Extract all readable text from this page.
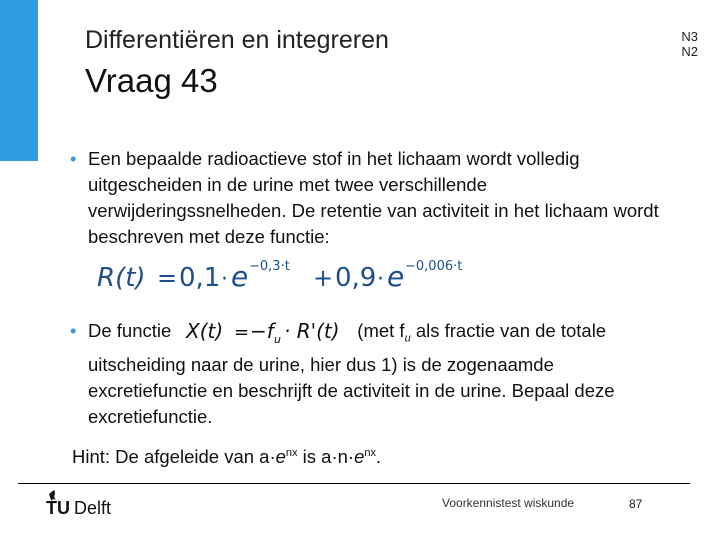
Differentiëren en integreren
Vraag 43
N3
N2
• Een bepaalde radioactieve stof in het lichaam wordt volledig uitgescheiden in de urine met twee verschillende verwijderingssnelheden. De retentie van activiteit in het lichaam wordt beschreven met deze functie:
R(t) = 0,1 · e −0,3·t + 0,9 · e −0,006·t
• De functie	(met $f_u$ als fractie van de totale uitscheiding naar de urine, hier dus 1) is de zogenaamde excretiefunctie en beschrijft de activiteit in de urine. Bepaal deze excretiefunctie.
X(t) = −f u · R'(t)
Hint: De afgeleide van $a\cdot e^{nx}$ is $a\cdot n\cdot e^{nx}$.
TU Delft	Voorkennistest wiskunde	87
